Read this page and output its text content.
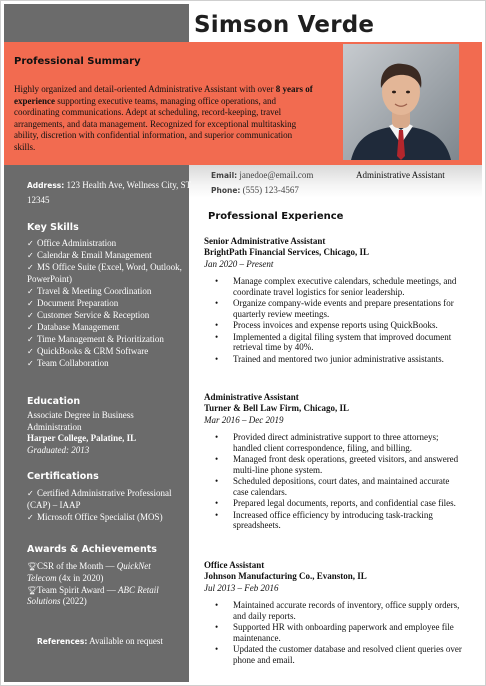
Simson Verde
Professional Summary
Highly organized and detail-oriented Administrative Assistant with over 8 years of experience supporting executive teams, managing office operations, and coordinating communications. Adept at scheduling, record-keeping, travel arrangements, and data management. Recognized for exceptional multitasking ability, discretion with confidential information, and superior communication skills.
Email: janedoe@email.com
Phone: (555) 123-4567
Administrative Assistant
Address: 123 Health Ave, Wellness City, ST 12345
Key Skills
✓ Office Administration
✓ Calendar & Email Management
✓ MS Office Suite (Excel, Word, Outlook, PowerPoint)
✓ Travel & Meeting Coordination
✓ Document Preparation
✓ Customer Service & Reception
✓ Database Management
✓ Time Management & Prioritization
✓ QuickBooks & CRM Software
✓ Team Collaboration
Education
Associate Degree in Business Administration
Harper College, Palatine, IL
Graduated: 2013
Certifications
✓ Certified Administrative Professional (CAP) – IAAP
✓ Microsoft Office Specialist (MOS)
Awards & Achievements
🏆︎CSR of the Month — QuickNet Telecom (4x in 2020)
🏆︎Team Spirit Award — ABC Retail Solutions (2022)
References: Available on request
Professional Experience
Senior Administrative Assistant
BrightPath Financial Services, Chicago, IL
Jan 2020 – Present
• Manage complex executive calendars, schedule meetings, and coordinate travel logistics for senior leadership.
• Organize company-wide events and prepare presentations for quarterly review meetings.
• Process invoices and expense reports using QuickBooks.
• Implemented a digital filing system that improved document retrieval time by 40%.
• Trained and mentored two junior administrative assistants.
Administrative Assistant
Turner & Bell Law Firm, Chicago, IL
Mar 2016 – Dec 2019
• Provided direct administrative support to three attorneys; handled client correspondence, filing, and billing.
• Managed front desk operations, greeted visitors, and answered multi-line phone system.
• Scheduled depositions, court dates, and maintained accurate case calendars.
• Prepared legal documents, reports, and confidential case files.
• Increased office efficiency by introducing task-tracking spreadsheets.
Office Assistant
Johnson Manufacturing Co., Evanston, IL
Jul 2013 – Feb 2016
• Maintained accurate records of inventory, office supply orders, and daily reports.
• Supported HR with onboarding paperwork and employee file maintenance.
• Updated the customer database and resolved client queries over phone and email.
